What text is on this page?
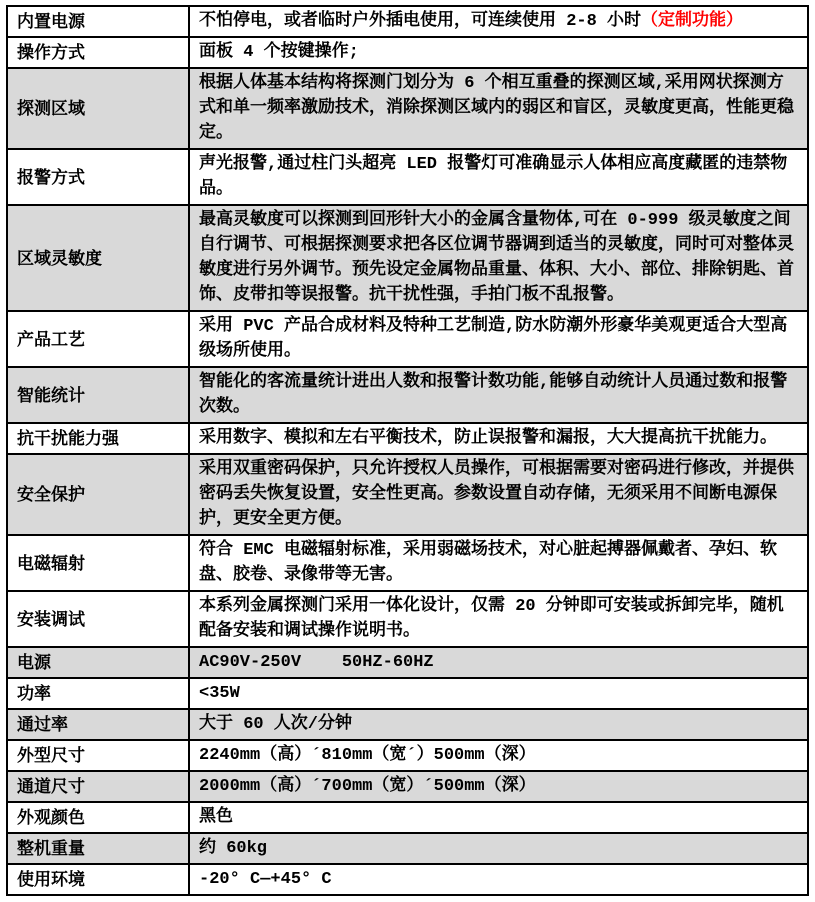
内置电源	不怕停电，或者临时户外插电使用，可连续使用 2-8 小时（定制功能）
操作方式	面板 4 个按键操作;
探测区域	根据人体基本结构将探测门划分为 6 个相互重叠的探测区域,采用网状探测方式和单一频率激励技术，消除探测区域内的弱区和盲区，灵敏度更高，性能更稳定。
报警方式	声光报警,通过柱门头超亮 LED 报警灯可准确显示人体相应高度藏匿的违禁物品。
区域灵敏度	最高灵敏度可以探测到回形针大小的金属含量物体,可在 0-999 级灵敏度之间自行调节、可根据探测要求把各区位调节器调到适当的灵敏度，同时可对整体灵敏度进行另外调节。预先设定金属物品重量、体积、大小、部位、排除钥匙、首饰、皮带扣等误报警。抗干扰性强，手拍门板不乱报警。
产品工艺	采用 PVC 产品合成材料及特种工艺制造,防水防潮外形豪华美观更适合大型高级场所使用。
智能统计	智能化的客流量统计进出人数和报警计数功能,能够自动统计人员通过数和报警次数。
抗干扰能力强	采用数字、模拟和左右平衡技术，防止误报警和漏报，大大提高抗干扰能力。
安全保护	采用双重密码保护，只允许授权人员操作，可根据需要对密码进行修改，并提供密码丢失恢复设置，安全性更高。参数设置自动存储，无须采用不间断电源保护，更安全更方便。
电磁辐射	符合 EMC 电磁辐射标准，采用弱磁场技术，对心脏起搏器佩戴者、孕妇、软盘、胶卷、录像带等无害。
安装调试	本系列金属探测门采用一体化设计，仅需 20 分钟即可安装或拆卸完毕，随机配备安装和调试操作说明书。
电源	AC90V-250V    50HZ-60HZ
功率	<35W
通过率	大于 60 人次/分钟
外型尺寸	2240mm（高）´810mm（宽´）500mm（深）
通道尺寸	2000mm（高）´700mm（宽）´500mm（深）
外观颜色	黑色
整机重量	约 60kg
使用环境	-20° C—+45° C
